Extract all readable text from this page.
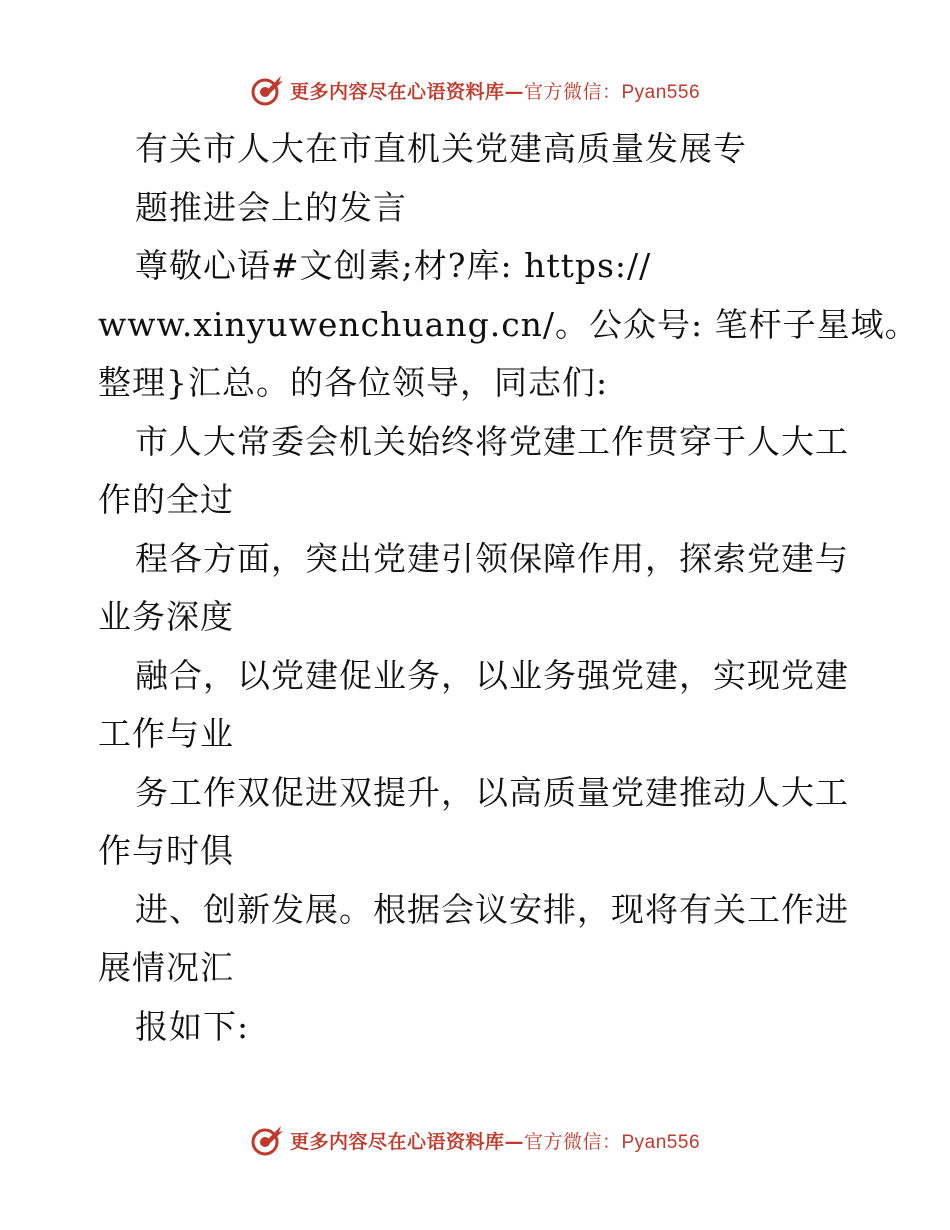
更多内容尽在心语资料库—官方微信：Pyan556
有关市人大在市直机关党建高质量发展专
题推进会上的发言
尊敬心语#文创素;材?库: https://
www.xinyuwenchuang.cn/。公众号: 笔杆子星域。
整理}汇总。的各位领导，同志们:
市人大常委会机关始终将党建工作贯穿于人大工
作的全过
程各方面，突出党建引领保障作用，探索党建与
业务深度
融合，以党建促业务，以业务强党建，实现党建
工作与业
务工作双促进双提升，以高质量党建推动人大工
作与时俱
进、创新发展。根据会议安排，现将有关工作进
展情况汇
报如下:
更多内容尽在心语资料库—官方微信：Pyan556
